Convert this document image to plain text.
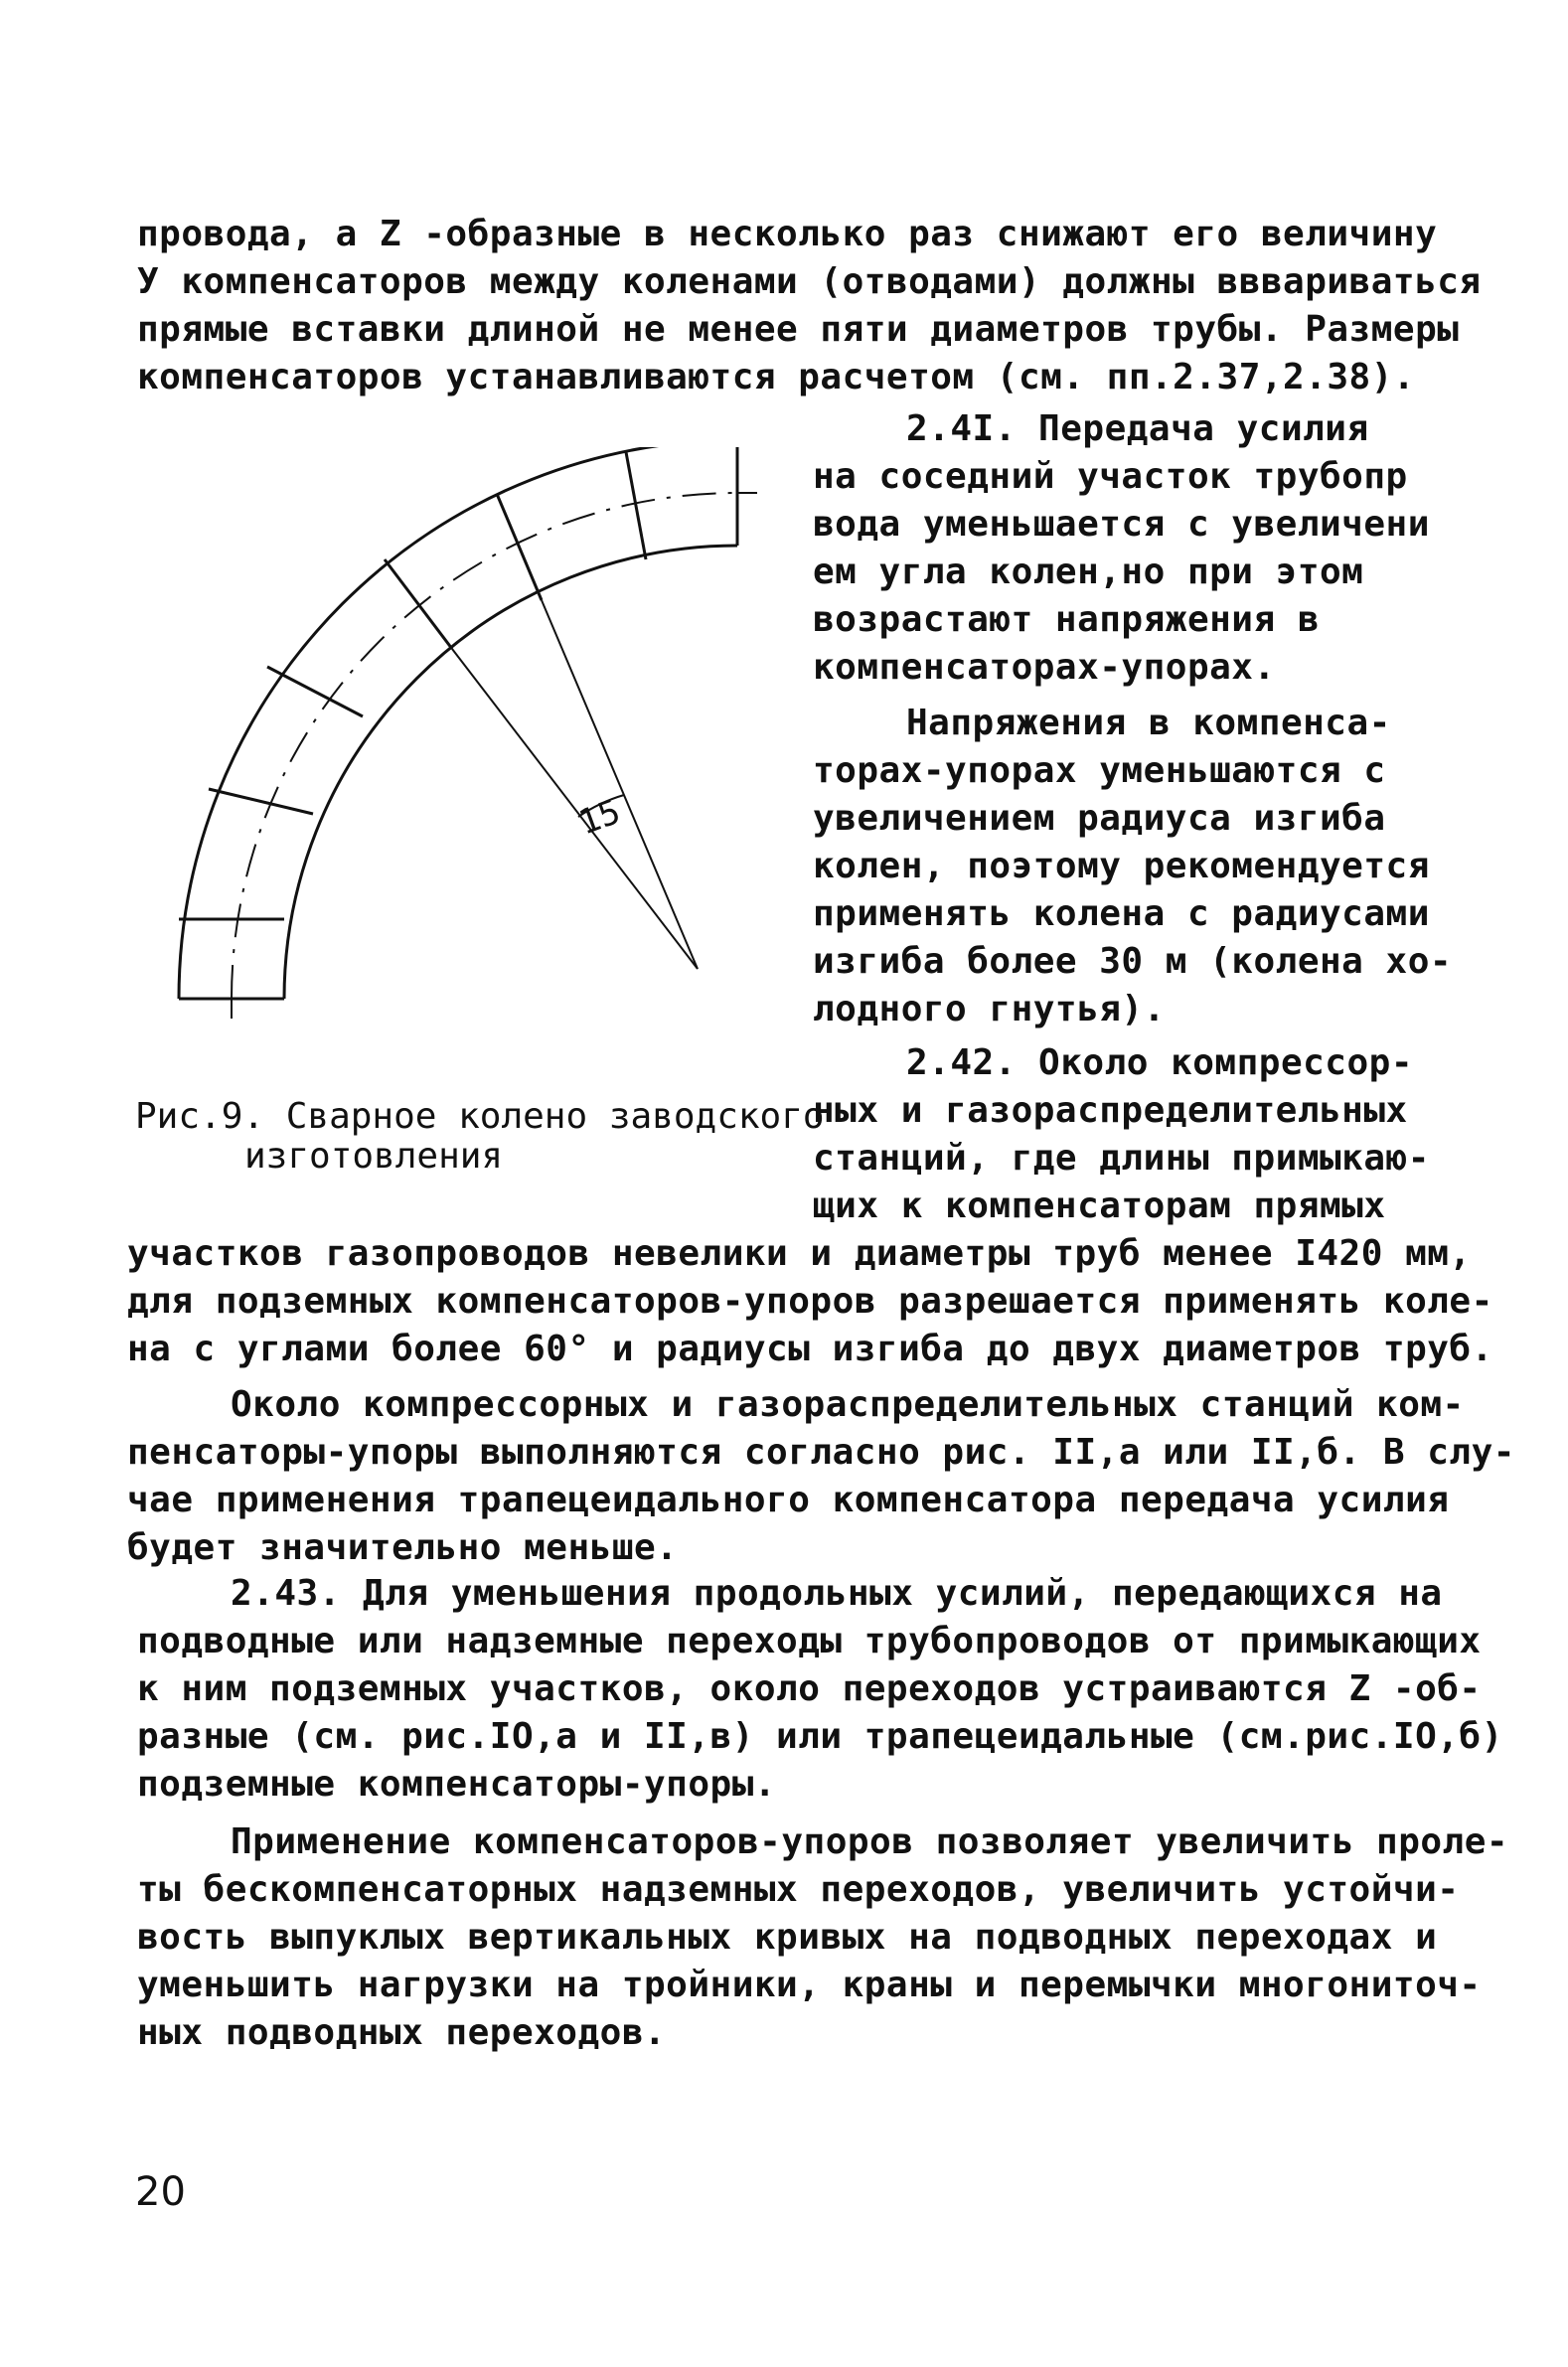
провода, а Z -образные в несколько раз снижают его величину
У компенсаторов между коленами (отводами) должны вввариваться
прямые вставки длиной не менее пяти диаметров трубы. Размеры
компенсаторов устанавливаются расчетом (см. пп.2.37,2.38).
2.4I. Передача усилия
на соседний участок трубопр
вода уменьшается с увеличени
ем угла колен,но при этом
возрастают напряжения в
компенсаторах-упорах.
Напряжения в компенса-
торах-упорах уменьшаются с
увеличением радиуса изгиба
колен, поэтому рекомендуется
применять колена с радиусами
изгиба более 30 м (колена хо-
лодного гнутья).
2.42. Около компрессор-
ных и газораспределительных
станций, где длины примыкаю-
щих к компенсаторам прямых
участков газопроводов невелики и диаметры труб менее I420 мм,
для подземных компенсаторов-упоров разрешается применять коле-
на с углами более 60° и радиусы изгиба до двух диаметров труб.
Около компрессорных и газораспределительных станций ком-
пенсаторы-упоры выполняются согласно рис. II,а или II,б. В слу-
чае применения трапецеидального компенсатора передача усилия
будет значительно меньше.
2.43. Для уменьшения продольных усилий, передающихся на
подводные или надземные переходы трубопроводов от примыкающих
к ним подземных участков, около переходов устраиваются Z -об-
разные (см. рис.IO,а и II,в) или трапецеидальные (см.рис.IO,б)
подземные компенсаторы-упоры.
Применение компенсаторов-упоров позволяет увеличить проле-
ты бескомпенсаторных надземных переходов, увеличить устойчи-
вость выпуклых вертикальных кривых на подводных переходах и
уменьшить нагрузки на тройники, краны и перемычки многониточ-
ных подводных переходов.
15
Рис.9. Сварное колено заводского
изготовления
20
